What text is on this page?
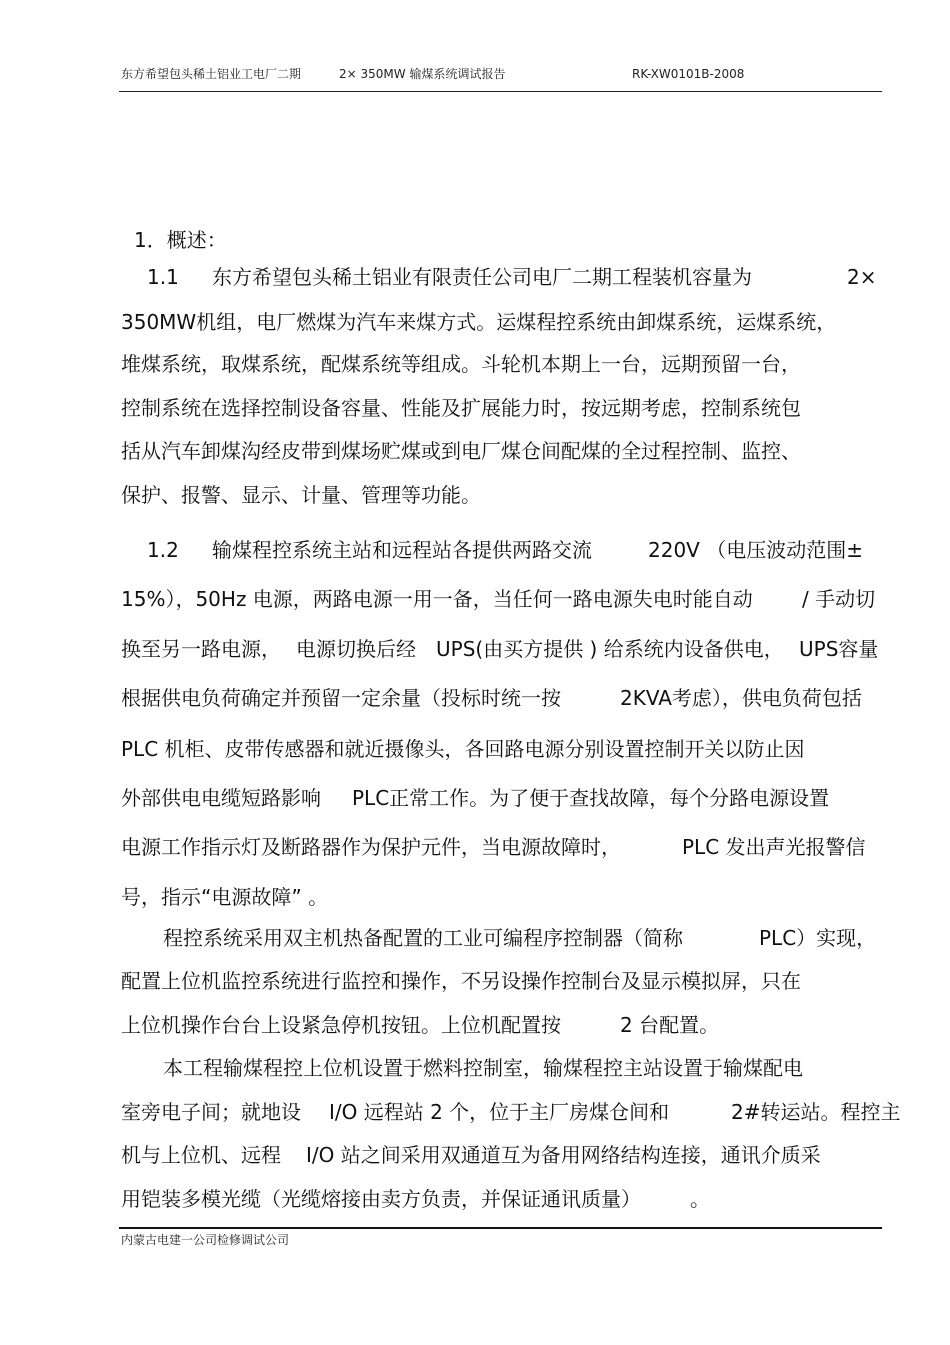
东方希望包头稀土铝业工电厂二期	2× 350MW 输煤系统调试报告	RK-XW0101B-2008
1．概述：
1.1 东方希望包头稀土铝业有限责任公司电厂二期工程装机容量为	2×
350MW机组，电厂燃煤为汽车来煤方式。运煤程控系统由卸煤系统，运煤系统，
堆煤系统，取煤系统，配煤系统等组成。斗轮机本期上一台，远期预留一台，
控制系统在选择控制设备容量、性能及扩展能力时，按远期考虑，控制系统包
括从汽车卸煤沟经皮带到煤场贮煤或到电厂煤仓间配煤的全过程控制、监控、
保护、报警、显示、计量、管理等功能。
1.2 输煤程控系统主站和远程站各提供两路交流	220V （电压波动范围±
15%），50Hz 电源，两路电源一用一备，当任何一路电源失电时能自动 / 手动切
换至另一路电源， 电源切换后经 UPS(由买方提供 ) 给系统内设备供电， UPS容量
根据供电负荷确定并预留一定余量（投标时统一按	2KVA考虑），供电负荷包括
PLC 机柜、皮带传感器和就近摄像头，各回路电源分别设置控制开关以防止因
外部供电电缆短路影响 PLC正常工作。为了便于查找故障，每个分路电源设置
电源工作指示灯及断路器作为保护元件，当电源故障时，	PLC 发出声光报警信
号，指示“电源故障” 。
程控系统采用双主机热备配置的工业可编程序控制器（简称	PLC）实现，
配置上位机监控系统进行监控和操作，不另设操作控制台及显示模拟屏，只在
上位机操作台台上设紧急停机按钮。上位机配置按	2 台配置。
本工程输煤程控上位机设置于燃料控制室，输煤程控主站设置于输煤配电
室旁电子间；就地设 I/O 远程站 2 个，位于主厂房煤仓间和	2#转运站。程控主
机与上位机、远程 I/O 站之间采用双通道互为备用网络结构连接，通讯介质采
用铠装多模光缆（光缆熔接由卖方负责，并保证通讯质量） 。
内蒙古电建一公司检修调试公司
